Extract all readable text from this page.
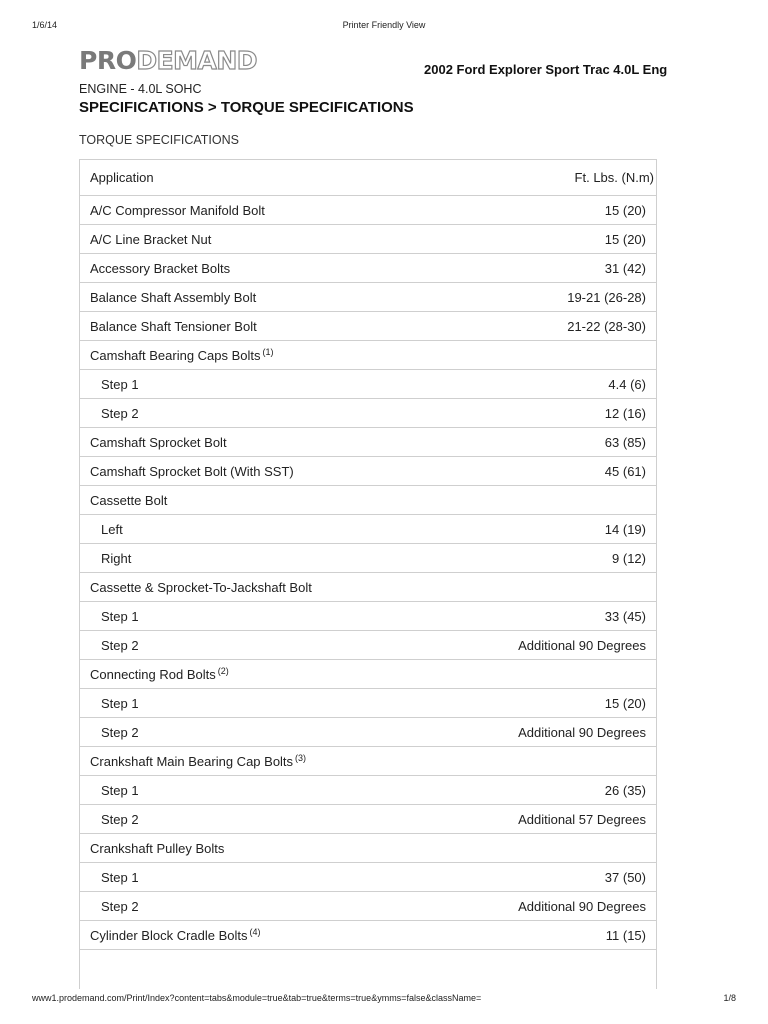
1/6/14	Printer Friendly View
PRODEMAND	2002 Ford Explorer Sport Trac 4.0L Eng
ENGINE - 4.0L SOHC
SPECIFICATIONS > TORQUE SPECIFICATIONS
TORQUE SPECIFICATIONS
Application	Ft. Lbs. (N.m)
A/C Compressor Manifold Bolt	15 (20)
A/C Line Bracket Nut	15 (20)
Accessory Bracket Bolts	31 (42)
Balance Shaft Assembly Bolt	19-21 (26-28)
Balance Shaft Tensioner Bolt	21-22 (28-30)
Camshaft Bearing Caps Bolts $^{(1)}$
Step 1	4.4 (6)
Step 2	12 (16)
Camshaft Sprocket Bolt	63 (85)
Camshaft Sprocket Bolt (With SST)	45 (61)
Cassette Bolt
Left	14 (19)
Right	9 (12)
Cassette & Sprocket-To-Jackshaft Bolt
Step 1	33 (45)
Step 2	Additional 90 Degrees
Connecting Rod Bolts $^{(2)}$
Step 1	15 (20)
Step 2	Additional 90 Degrees
Crankshaft Main Bearing Cap Bolts $^{(3)}$
Step 1	26 (35)
Step 2	Additional 57 Degrees
Crankshaft Pulley Bolts
Step 1	37 (50)
Step 2	Additional 90 Degrees
Cylinder Block Cradle Bolts $^{(4)}$	11 (15)
www1.prodemand.com/Print/Index?content=tabs&module=true&tab=true&terms=true&ymms=false&className=	1/8
